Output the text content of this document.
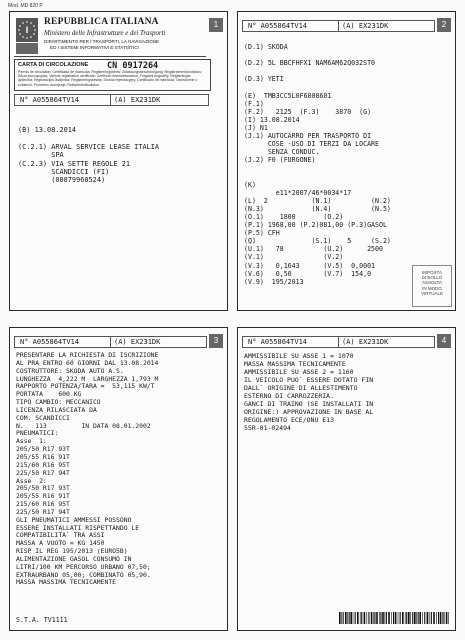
Mod. MD 820 P
1
I
REPUBBLICA ITALIANA
Ministero delle Infrastrutture e dei Trasporti
DIPARTIMENTO PER I TRASPORTI, LA NAVIGAZIONE
ED I SISTEMI INFORMATIVI E STATISTICI
CARTA DI CIRCOLAZIONE CN 0917264
Permis de circulation; Certificado de matrícula; Registreringsbevis; Zulassungsbescheinigung; Registreerimistunnistus; Άδεια κυκλοφορίας; Vehicle registration certificate; Certificat d'immatriculation; Forgalmi engedély; Reģistrācijas apliecība; Registracijos liudijimas; Registreringsbewijs; Dowód rejestracyjny; Certificado de matrícula; Osvedčenie o evidencii; Prometno dovoljenje; Rekisteröintitodistus.
N° A055864TV14	(A) EX231DK
(B) 13.08.2014

(C.2.1) ARVAL SERVICE LEASE ITALIA
SPA
(C.2.3) VIA SETTE REGOLE 21
SCANDICCI (FI)
(00879960524)
2
N° A055864TV14	(A) EX231DK
(D.1) SKODA

(D.2) 5L BBCFHFX1 NAM6AM62Q032ST0

(D.3) YETI

(E)  TMB3CC5L0F6008601
(F.1)
(F.2)   2125  (F.3)    3870  (G)
(I) 13.08.2014
(J) N1
(J.1) AUTOCARRO PER TRASPORTO DI
COSE -USO DI TERZI DA LOCARE
SENZA CONDUC.
(J.2) F0 (FURGONE)

(K)
e11*2007/46*0034*17
(L)  2           (N.1)          (N.2)
(N.3)            (N.4)          (N.5)
(O.1)    1800       (O.2)
(P.1) 1968,00 (P.2)081,00 (P.3)GASOL
(P.5) CFH
(Q)              (S.1)    5     (S.2)
(U.1)   78          (U.2)      2500
(V.1)               (V.2)
(V.3)   0,1643      (V.5)  0,0001
(V.6)   0,50        (V.7)  154,0
(V.9)  195/2013
IMPOSTA
DI BOLLO
ASSOLTA
IN MODO
VIRTUALE
3
N° A055864TV14	(A) EX231DK
PRESENTARE LA RICHIESTA DI ISCRIZIONE
AL PRA ENTRO 60 GIORNI DAL 13.08.2014
COSTRUTTORE: SKODA AUTO A.S.
LUNGHEZZA  4,222 M  LARGHEZZA 1,793 M
RAPPORTO POTENZA/TARA =  53,115 KW/T
PORTATA    600 KG
TIPO CAMBIO: MECCANICO
LICENZA RILASCIATA DA
COM. SCANDICCI
N.   113         IN DATA 08.01.2002
PNEUMATICI:
Asse  1:
205/50 R17 93T
205/55 R16 91T
215/60 R16 95T
225/50 R17 94T
Asse  2:
205/50 R17 93T
205/55 R16 91T
215/60 R16 95T
225/50 R17 94T
GLI PNEUMATICI AMMESSI POSSONO
ESSERE INSTALLATI RISPETTANDO LE
COMPATIBILITA` TRA ASSI
MASSA A VUOTO = KG 1450
RISP IL REG 195/2013 (EURO5B)
ALIMENTAZIONE GASOL CONSUMO IN
LITRI/100 KM PERCORSO URBANO 07,50;
EXTRAURBANO 05,00; COMBINATO 05,90.
MASSA MASSIMA TECNICAMENTE
S.T.A. TV1111
4
N° A055864TV14	(A) EX231DK
AMMISSIBILE SU ASSE 1 = 1070
MASSA MASSIMA TECNICAMENTE
AMMISSIBILE SU ASSE 2 = 1160
IL VEICOLO PUO` ESSERE DOTATO FIN
DALL` ORIGINE DI ALLESTIMENTO
ESTERNO DI CARROZZERIA.
GANCI DI TRAINO (SE INSTALLATI IN
ORIGINE:) APPROVAZIONE IN BASE AL
REGOLAMENTO ECE/ONU E13
55R-01-02494
